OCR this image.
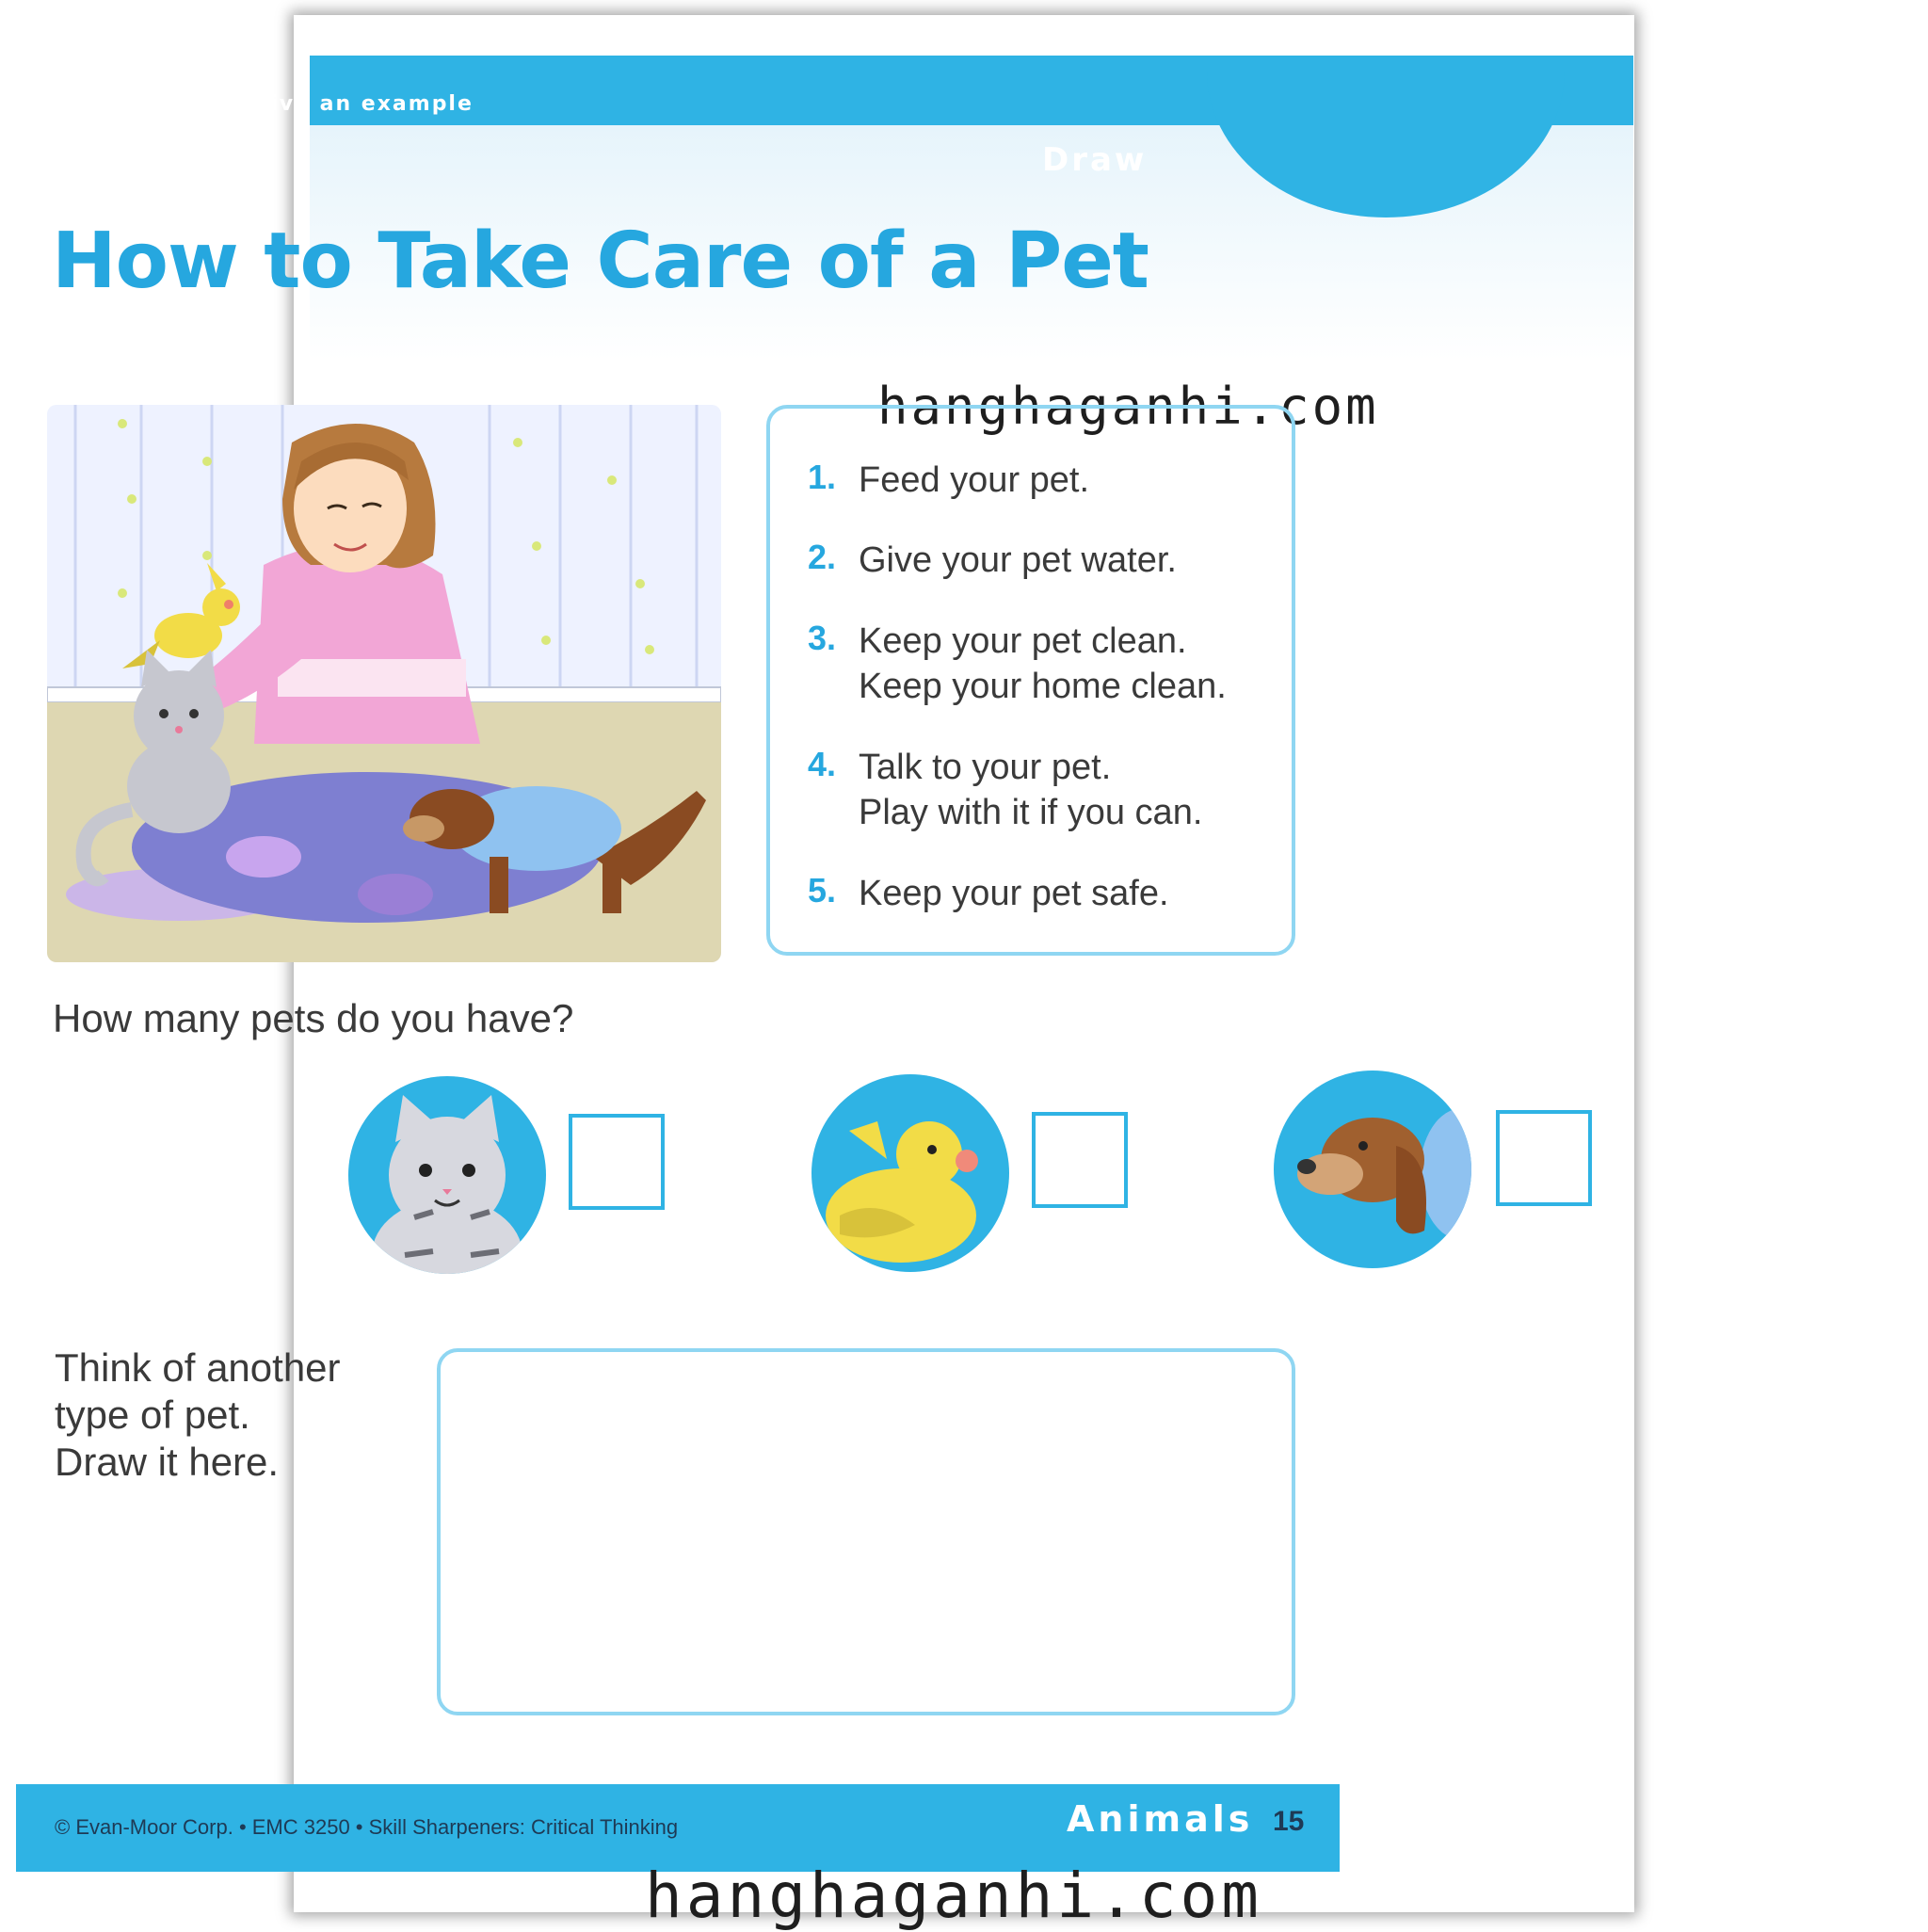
SKILLS: count, give an example
Draw
How to Take Care of a Pet
hanghaganhi.com
1. Feed your pet.
2. Give your pet water.
3. Keep your pet clean.
Keep your home clean.
4. Talk to your pet.
Play with it if you can.
5. Keep your pet safe.
How many pets do you have?
Think of another
type of pet.
Draw it here.
© Evan-Moor Corp. • EMC 3250 • Skill Sharpeners: Critical Thinking	Animals 15
hanghaganhi.com
